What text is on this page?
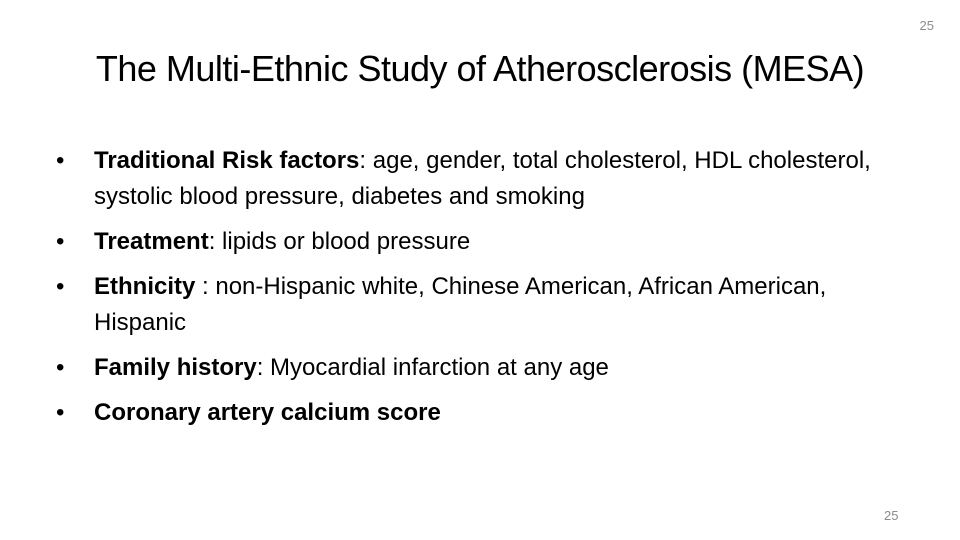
25
The Multi-Ethnic Study of Atherosclerosis (MESA)
• Traditional Risk factors: age, gender, total cholesterol, HDL cholesterol, systolic blood pressure, diabetes and smoking
• Treatment: lipids or blood pressure
• Ethnicity : non-Hispanic white, Chinese American, African American, Hispanic
• Family history: Myocardial infarction at any age
• Coronary artery calcium score
25
